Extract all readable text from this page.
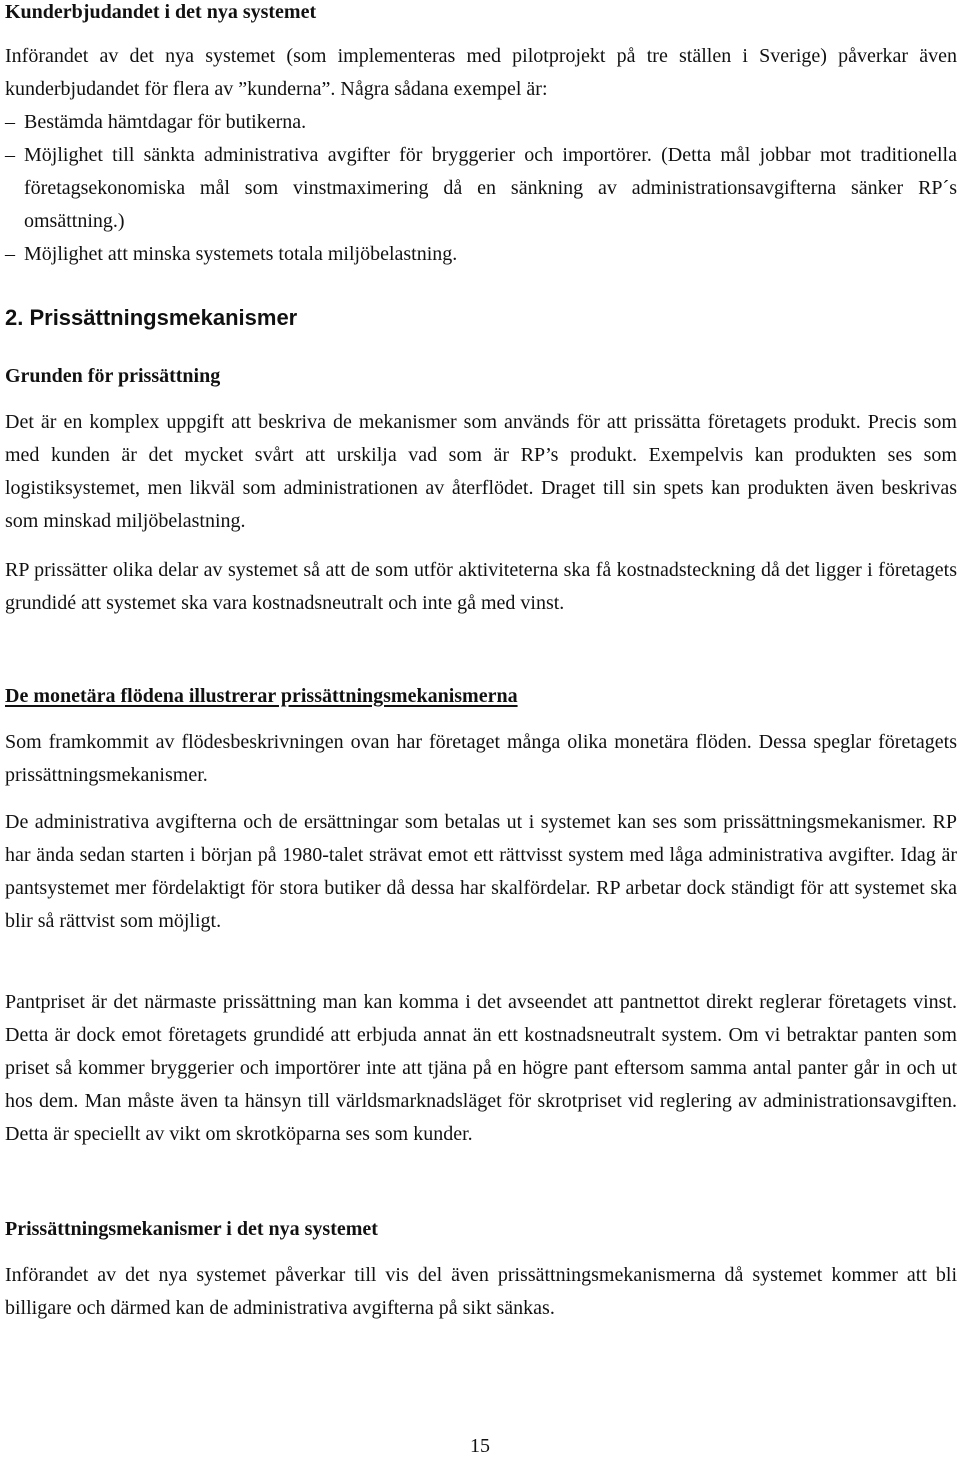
Kunderbjudandet i det nya systemet

Införandet av det nya systemet (som implementeras med pilotprojekt på tre ställen i Sverige) påverkar även kunderbjudandet för flera av ”kunderna”. Några sådana exempel är:

– Bestämda hämtdagar för butikerna.
– Möjlighet till sänkta administrativa avgifter för bryggerier och importörer. (Detta mål jobbar mot traditionella företagsekonomiska mål som vinstmaximering då en sänkning av administrationsavgifterna sänker RP´s omsättning.)
– Möjlighet att minska systemets totala miljöbelastning.
2. Prissättningsmekanismer
Grunden för prissättning

Det är en komplex uppgift att beskriva de mekanismer som används för att prissätta företagets produkt. Precis som med kunden är det mycket svårt att urskilja vad som är RP’s produkt. Exempelvis kan produkten ses som logistiksystemet, men likväl som administrationen av återflödet. Draget till sin spets kan produkten även beskrivas som minskad miljöbelastning.

RP prissätter olika delar av systemet så att de som utför aktiviteterna ska få kostnadsteckning då det ligger i företagets grundidé att systemet ska vara kostnadsneutralt och inte gå med vinst.

De monetära flödena illustrerar prissättningsmekanismerna

Som framkommit av flödesbeskrivningen ovan har företaget många olika monetära flöden. Dessa speglar företagets prissättningsmekanismer.

De administrativa avgifterna och de ersättningar som betalas ut i systemet kan ses som prissättningsmekanismer. RP har ända sedan starten i början på 1980-talet strävat emot ett rättvisst system med låga administrativa avgifter. Idag är pantsystemet mer fördelaktigt för stora butiker då dessa har skalfördelar. RP arbetar dock ständigt för att systemet ska blir så rättvist som möjligt.

Pantpriset är det närmaste prissättning man kan komma i det avseendet att pantnettot direkt reglerar företagets vinst. Detta är dock emot företagets grundidé att erbjuda annat än ett kostnadsneutralt system. Om vi betraktar panten som priset så kommer bryggerier och importörer inte att tjäna på en högre pant eftersom samma antal panter går in och ut hos dem. Man måste även ta hänsyn till världsmarknadsläget för skrotpriset vid reglering av administrationsavgiften. Detta är speciellt av vikt om skrotköparna ses som kunder.

Prissättningsmekanismer i det nya systemet

Införandet av det nya systemet påverkar till vis del även prissättningsmekanismerna då systemet kommer att bli billigare och därmed kan de administrativa avgifterna på sikt sänkas.

15
